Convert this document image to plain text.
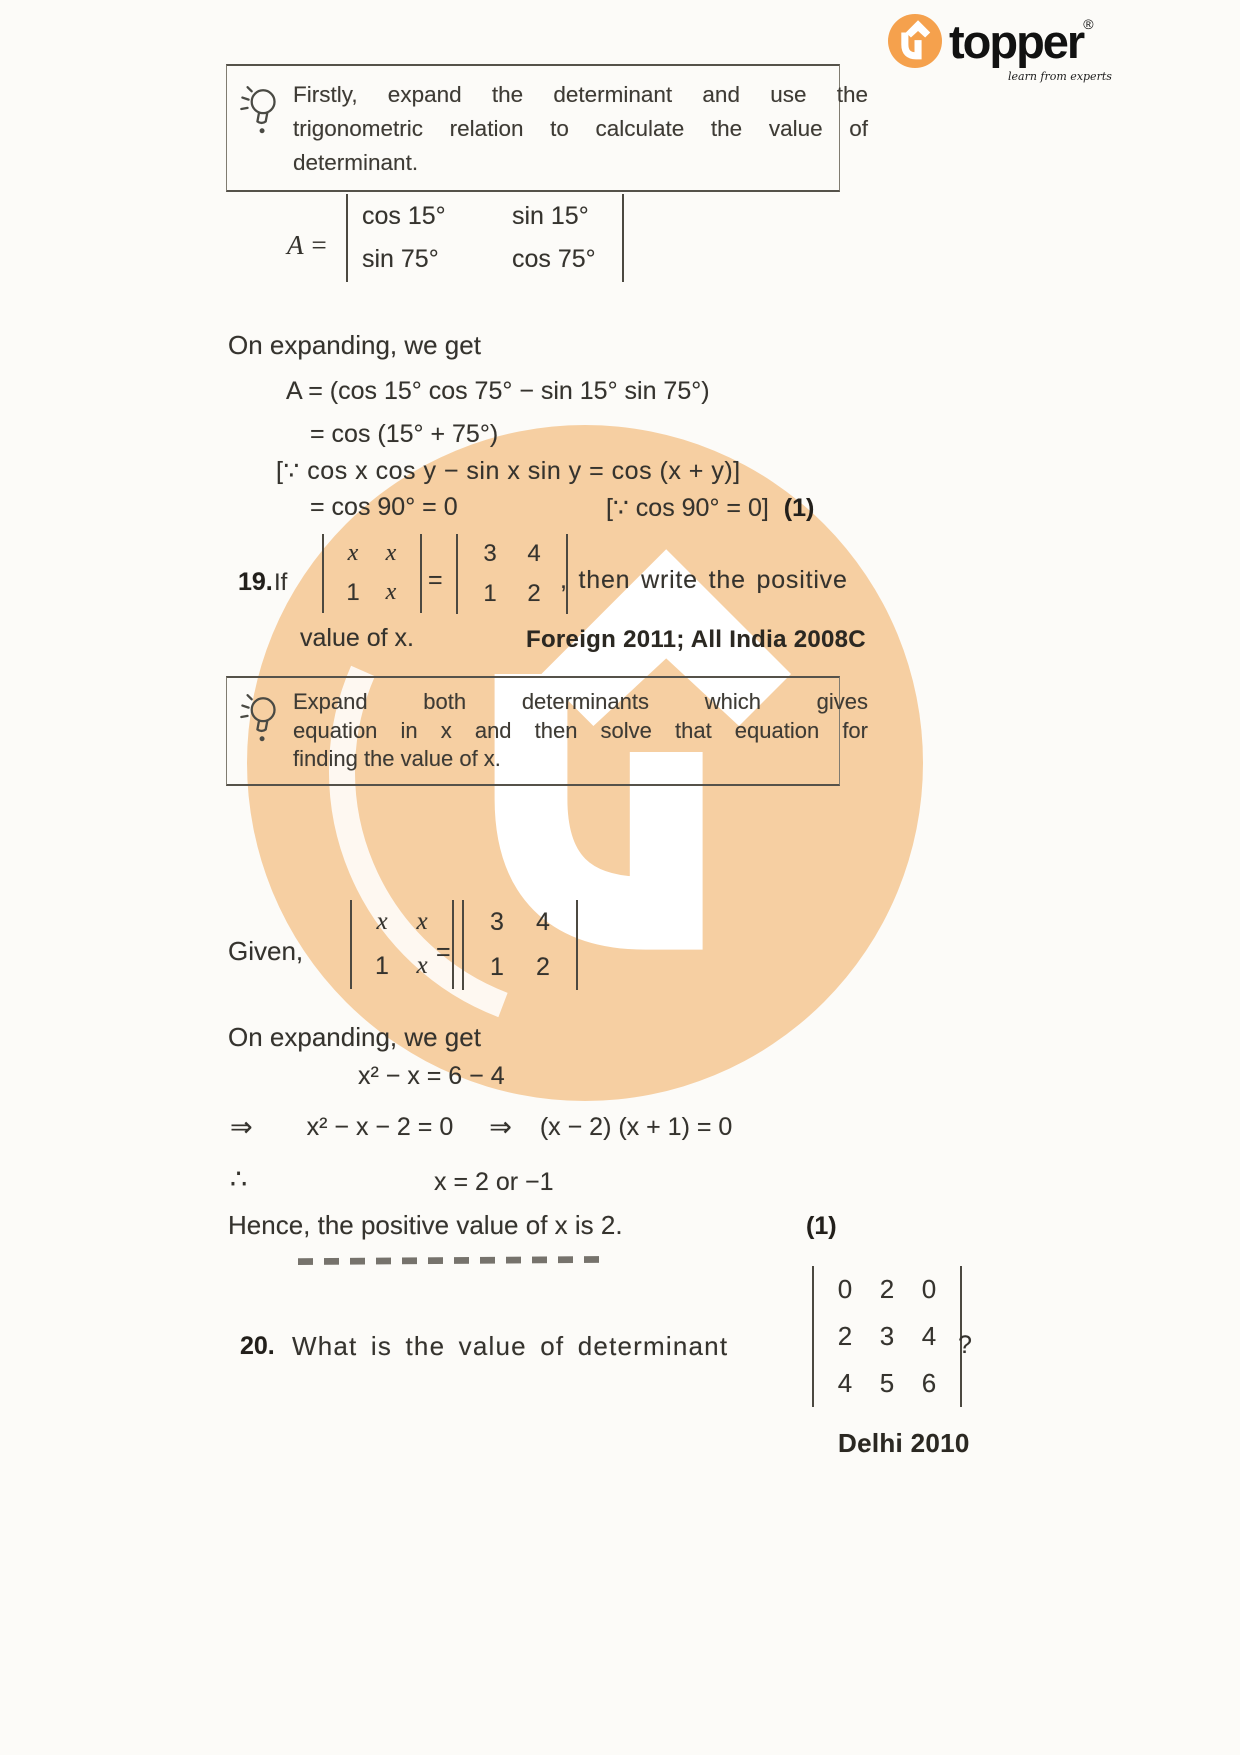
topper ®
learn from experts
Firstly, expand the determinant and use the
trigonometric relation to calculate the value of
determinant.
A =
cos 15°	sin 15°
sin 75°	cos 75°
On expanding, we get
A = (cos 15° cos 75° − sin 15° sin 75°)
= cos (15° + 75°)
[∵ cos x cos y − sin x sin y = cos (x + y)]
= cos 90° = 0	[∵ cos 90° = 0] (1)
19. If
x	x
1	x	=
3	4
1	2 , then write the positive
value of x.	Foreign 2011; All India 2008C
Expand both determinants which gives
equation in x and then solve that equation for
finding the value of x.
Given,
x	x
1	x =
3	4
1	2
On expanding, we get
x² − x = 6 − 4
⇒ x² − x − 2 = 0 ⇒ (x − 2) (x + 1) = 0
∴	x = 2 or −1
Hence, the positive value of x is 2.	(1)
20. What is the value of determinant
0	2	0
2	3	4
4	5	6
?
Delhi 2010
